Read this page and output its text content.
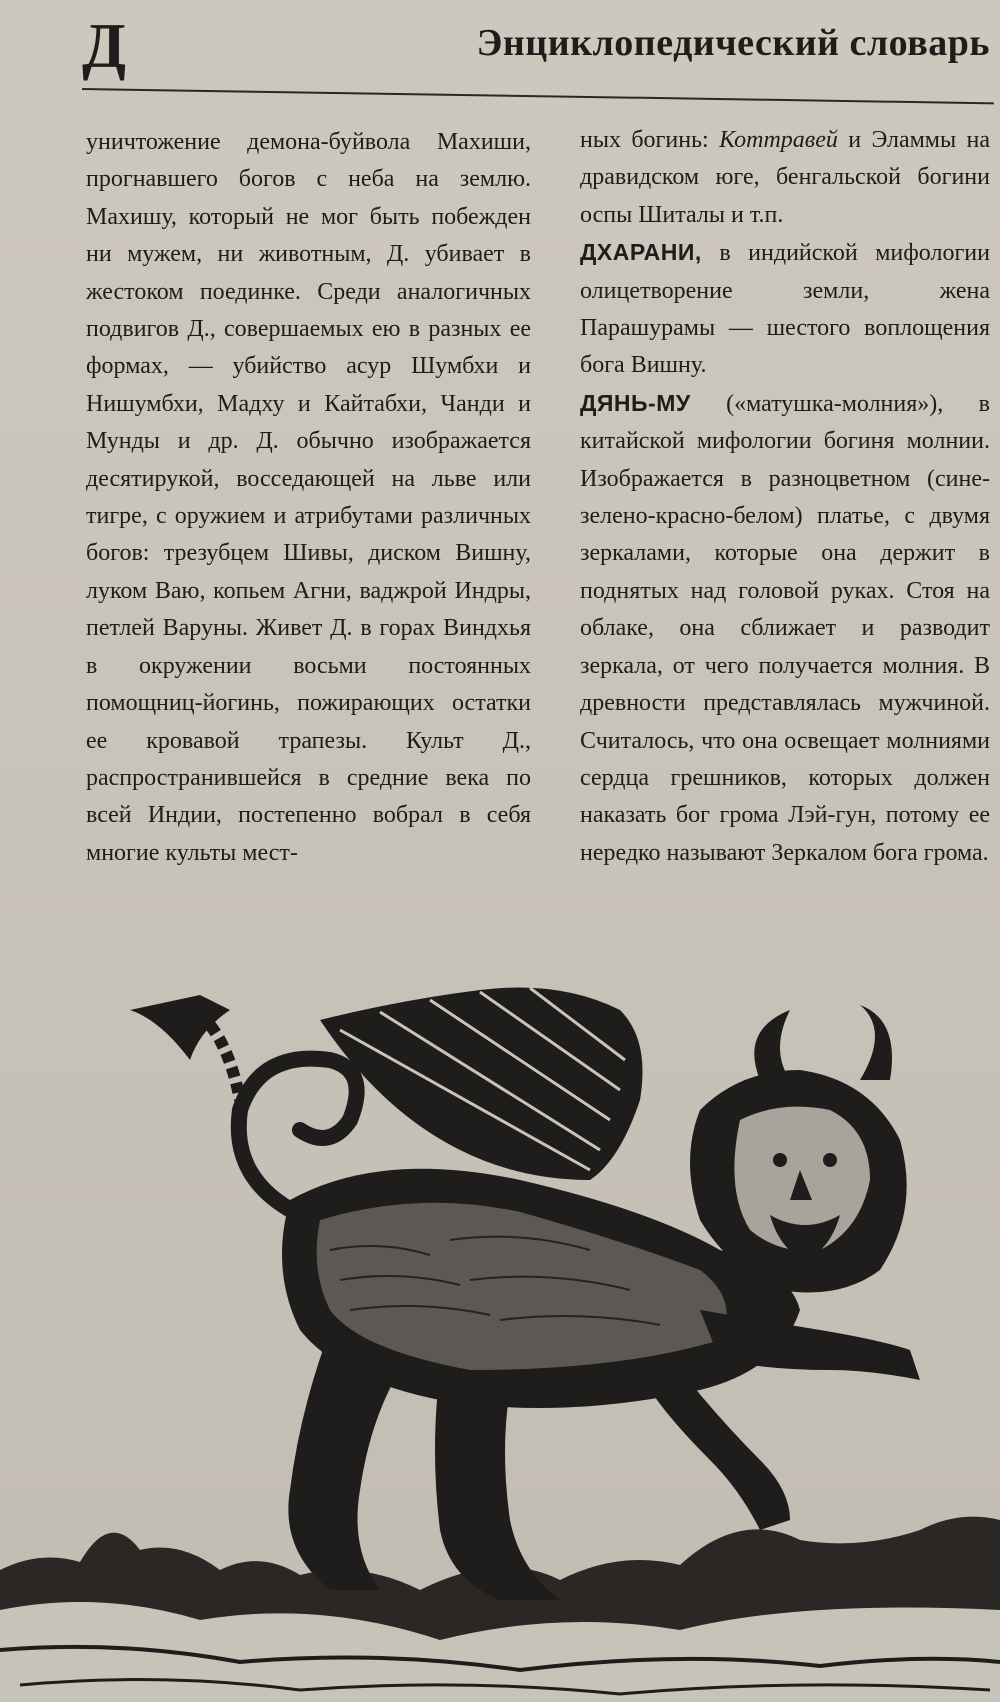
Д	Энциклопедический словарь

уничтожение демона-буйвола Махиши, прогнавшего богов с неба на землю. Махишу, который не мог быть побежден ни мужем, ни животным, Д. убивает в жестоком поединке. Среди аналогичных подвигов Д., совершаемых ею в разных ее формах, — убийство асур Шумбхи и Нишумбхи, Мадху и Кайтабхи, Чанди и Мунды и др. Д. обычно изображается десятирукой, восседающей на льве или тигре, с оружием и атрибутами различных богов: трезубцем Шивы, диском Вишну, луком Ваю, копьем Агни, ваджрой Индры, петлей Варуны. Живет Д. в горах Виндхья в окружении восьми постоянных помощниц-йогинь, пожирающих остатки ее кровавой трапезы. Культ Д., распространившейся в средние века по всей Индии, постепенно вобрал в себя многие культы мест-

ных богинь: Коттравей и Эламмы на дравидском юге, бенгальской богини оспы Шиталы и т.п.

ДХАРАНИ, в индийской мифологии олицетворение земли, жена Парашурамы — шестого воплощения бога Вишну.

ДЯНЬ-МУ («матушка-молния»), в китайской мифологии богиня молнии. Изображается в разноцветном (сине-зелено-красно-белом) платье, с двумя зеркалами, которые она держит в поднятых над головой руках. Стоя на облаке, она сближает и разводит зеркала, от чего получается молния. В древности представлялась мужчиной. Считалось, что она освещает молниями сердца грешников, которых должен наказать бог грома Лэй-гун, потому ее нередко называют Зеркалом бога грома.
